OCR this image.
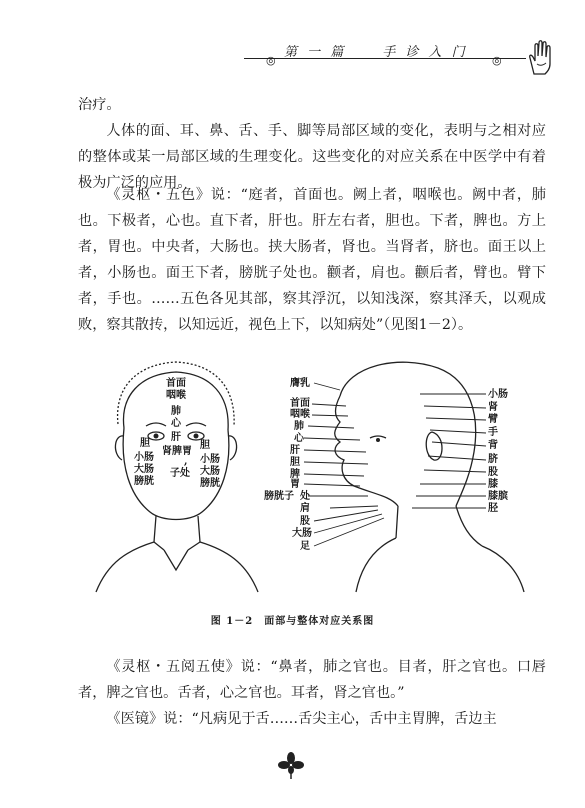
◎
第 一 篇	手 诊 入 门
◎

治疗。

人体的面、耳、鼻、舌、手、脚等局部区域的变化，表明与之相对应的整体或某一局部区域的生理变化。这些变化的对应关系在中医学中有着极为广泛的应用。

《灵枢・五色》说：“庭者，首面也。阙上者，咽喉也。阙中者，肺也。下极者，心也。直下者，肝也。肝左右者，胆也。下者，脾也。方上者，胃也。中央者，大肠也。挟大肠者，肾也。当肾者，脐也。面王以上者，小肠也。面王下者，膀胱子处也。颧者，肩也。颧后者，臂也。臂下者，手也。……五色各见其部，察其浮沉，以知浅深，察其泽夭，以观成败，察其散抟，以知远近，视色上下，以知病处”（见图1－2）。

首面
咽喉
肺
心
肝
胆	胆
肾 脾 胃
,
小肠	小肠
大肠	大肠
子处
膀胱	膀胱
膺乳
首面
咽喉
肺
心
肝
胆
脾
胃
处
膀胱子
肩
股
大肠
足
小肠
肾
臂
手
背
脐
股
膝
膝膑
胫
图 1－2　面部与整体对应关系图

《灵枢・五阅五使》说：“鼻者，肺之官也。目者，肝之官也。口唇者，脾之官也。舌者，心之官也。耳者，肾之官也。”

《医镜》说：“凡病见于舌……舌尖主心，舌中主胃脾，舌边主
